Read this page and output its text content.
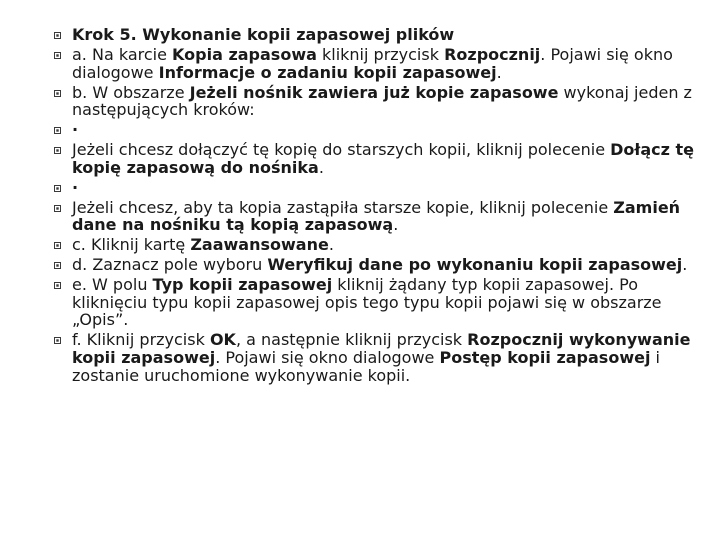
Krok 5. Wykonanie kopii zapasowej plików
a. Na karcie Kopia zapasowa kliknij przycisk Rozpocznij. Pojawi się okno dialogowe Informacje o zadaniu kopii zapasowej.
b. W obszarze Jeżeli nośnik zawiera już kopie zapasowe wykonaj jeden z następujących kroków:
·
Jeżeli chcesz dołączyć tę kopię do starszych kopii, kliknij polecenie Dołącz tę kopię zapasową do nośnika.
·
Jeżeli chcesz, aby ta kopia zastąpiła starsze kopie, kliknij polecenie Zamień dane na nośniku tą kopią zapasową.
c. Kliknij kartę Zaawansowane.
d. Zaznacz pole wyboru Weryfikuj dane po wykonaniu kopii zapasowej.
e. W polu Typ kopii zapasowej kliknij żądany typ kopii zapasowej. Po kliknięciu typu kopii zapasowej opis tego typu kopii pojawi się w obszarze „Opis”.
f. Kliknij przycisk OK, a następnie kliknij przycisk Rozpocznij wykonywanie kopii zapasowej. Pojawi się okno dialogowe Postęp kopii zapasowej i zostanie uruchomione wykonywanie kopii.
